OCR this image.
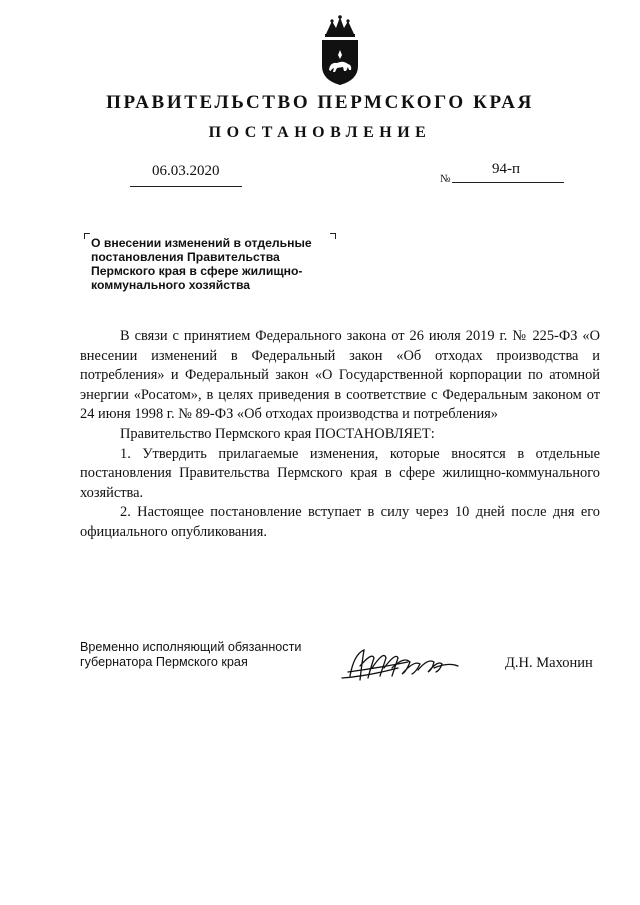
ПРАВИТЕЛЬСТВО ПЕРМСКОГО КРАЯ
ПОСТАНОВЛЕНИЕ
06.03.2020	№
94-п
О внесении изменений в отдельные
постановления Правительства
Пермского края в сфере жилищно-
коммунального хозяйства

В связи с принятием Федерального закона от 26 июля 2019 г. № 225-ФЗ «О внесении изменений в Федеральный закон «Об отходах производства и потребления» и Федеральный закон «О Государственной корпорации по атомной энергии «Росатом», в целях приведения в соответствие с Федеральным законом от 24 июня 1998 г. № 89-ФЗ «Об отходах производства и потребления»

Правительство Пермского края ПОСТАНОВЛЯЕТ:

1. Утвердить прилагаемые изменения, которые вносятся в отдельные постановления Правительства Пермского края в сфере жилищно-коммунального хозяйства.

2. Настоящее постановление вступает в силу через 10 дней после дня его официального опубликования.

Временно исполняющий обязанности
губернатора Пермского края	Д.Н. Махонин
